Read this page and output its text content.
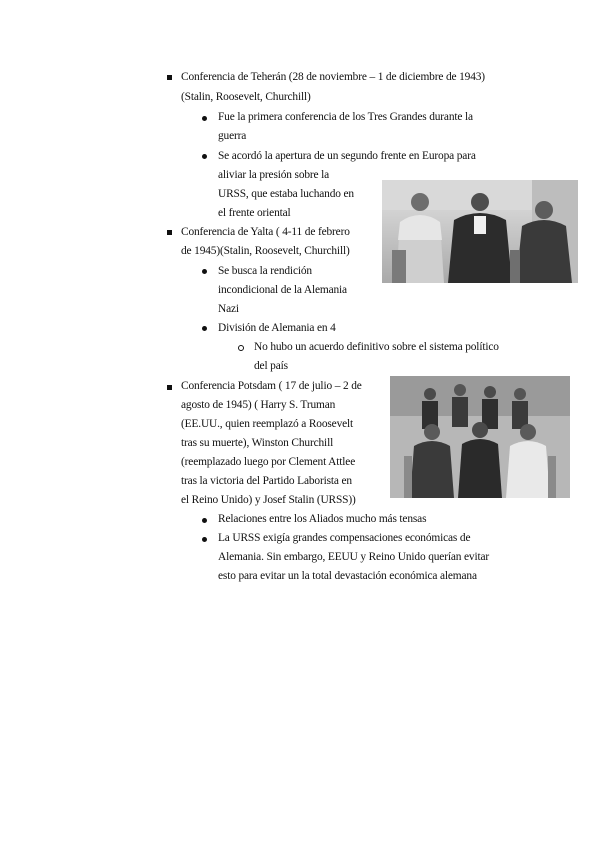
Conferencia de Teherán (28 de noviembre – 1 de diciembre de 1943)
(Stalin, Roosevelt, Churchill)
Fue la primera conferencia de los Tres Grandes durante la
guerra
Se acordó la apertura de un segundo frente en Europa para
aliviar la presión sobre la
URSS, que estaba luchando en
el frente oriental
Conferencia de Yalta ( 4-11 de febrero
de 1945)(Stalin, Roosevelt, Churchill)
Se busca la rendición
incondicional de la Alemania
Nazi
División de Alemania en 4
No hubo un acuerdo definitivo sobre el sistema político
del país
Conferencia Potsdam ( 17 de julio – 2 de
agosto de 1945) ( Harry S. Truman
(EE.UU., quien reemplazó a Roosevelt
tras su muerte), Winston Churchill
(reemplazado luego por Clement Attlee
tras la victoria del Partido Laborista en
el Reino Unido) y Josef Stalin (URSS))
Relaciones entre los Aliados mucho más tensas
La URSS exigía grandes compensaciones económicas de
Alemania. Sin embargo, EEUU y Reino Unido querían evitar
esto para evitar un la total devastación económica alemana
